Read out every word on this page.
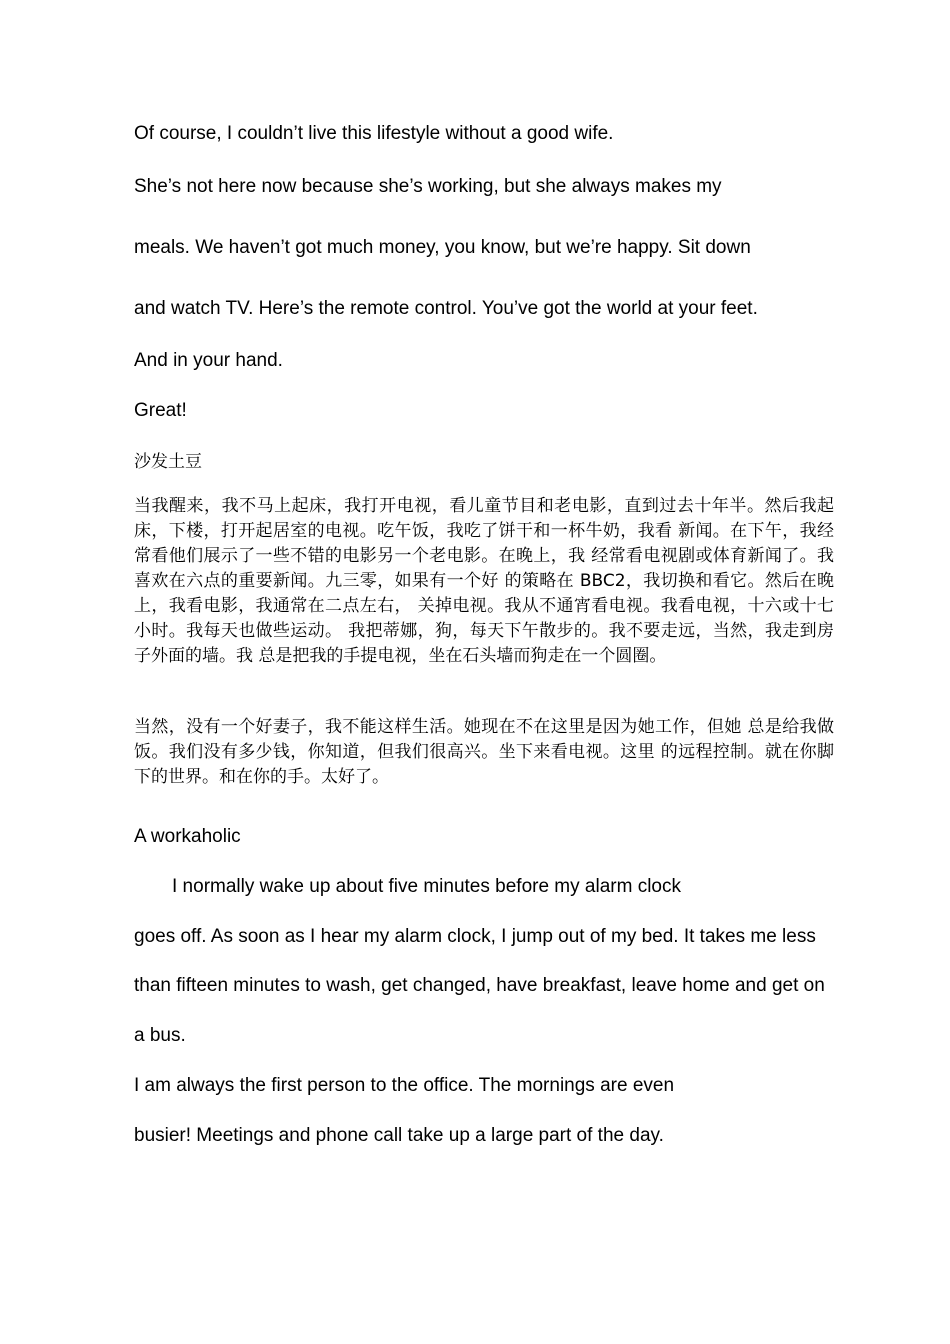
Of course, I couldn’t live this lifestyle without a good wife.

She’s not here now because she’s working, but she always makes my

meals. We haven’t got much money, you know, but we’re happy. Sit down

and watch TV. Here’s the remote control. You’ve got the world at your feet.

And in your hand.

Great!

沙发土豆

当我醒来，我不马上起床，我打开电视，看儿童节目和老电影，直到过去十年半。然后我起床，下楼，打开起居室的电视。吃午饭，我吃了饼干和一杯牛奶，我看 新闻。在下午，我经常看他们展示了一些不错的电影另一个老电影。在晚上，我 经常看电视剧或体育新闻了。我喜欢在六点的重要新闻。九三零，如果有一个好 的策略在 BBC2，我切换和看它。然后在晚上，我看电影，我通常在二点左右， 关掉电视。我从不通宵看电视。我看电视，十六或十七小时。我每天也做些运动。 我把蒂娜，狗，每天下午散步的。我不要走远，当然，我走到房子外面的墙。我 总是把我的手提电视，坐在石头墙而狗走在一个圆圈。

当然，没有一个好妻子，我不能这样生活。她现在不在这里是因为她工作，但她 总是给我做饭。我们没有多少钱，你知道，但我们很高兴。坐下来看电视。这里 的远程控制。就在你脚下的世界。和在你的手。太好了。

A workaholic

I normally wake up about five minutes before my alarm clock

goes off. As soon as I hear my alarm clock, I jump out of my bed. It takes me less

than fifteen minutes to wash, get changed, have breakfast, leave home and get on

a bus.

I am always the first person to the office. The mornings are even

busier! Meetings and phone call take up a large part of the day.
